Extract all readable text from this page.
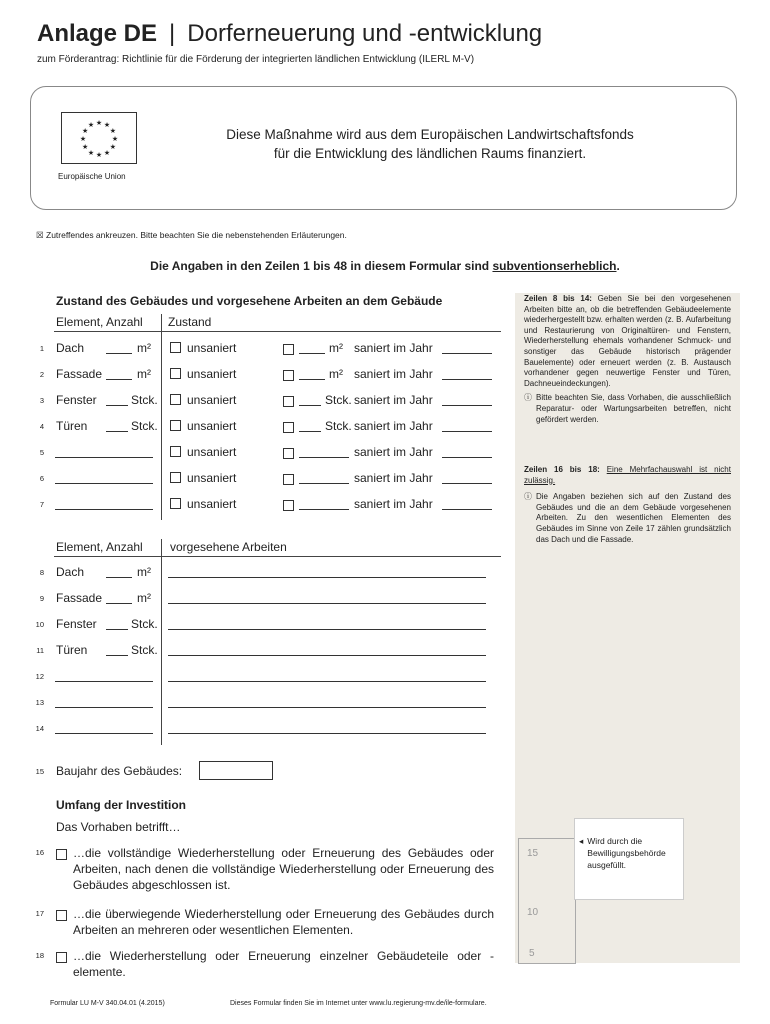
Anlage DE | Dorferneuerung und -entwicklung
zum Förderantrag: Richtlinie für die Förderung der integrierten ländlichen Entwicklung (ILERL M-V)
★
★
★
★
★
★
★
★
★ ★ ★
★
Europäische Union
Diese Maßnahme wird aus dem Europäischen Landwirtschaftsfonds
für die Entwicklung des ländlichen Raums finanziert.
☒ Zutreffendes ankreuzen. Bitte beachten Sie die nebenstehenden Erläuterungen.
Die Angaben in den Zeilen 1 bis 48 in diesem Formular sind subventionserheblich.
Zeilen 8 bis 14: Geben Sie bei den vorgesehenen Arbeiten bitte an, ob die betreffenden Gebäudeelemente wiederhergestellt bzw. erhalten werden (z. B. Aufarbeitung und Restaurierung von Originaltüren- und Fenstern, Wiederherstellung ehemals vorhandener Schmuck- und sonstiger das Gebäude historisch prägender Bauelemente) oder erneuert werden (z. B. Austausch vorhandener gegen neuwertige Fenster und Türen, Dachneueindeckungen).
ⓘ Bitte beachten Sie, dass Vorhaben, die ausschließlich Reparatur- oder Wartungsarbeiten betreffen, nicht gefördert werden.
Zeilen 16 bis 18: Eine Mehrfachauswahl ist nicht zulässig.
ⓘ Die Angaben beziehen sich auf den Zustand des Gebäudes und die an dem Gebäude vorgesehenen Arbeiten. Zu den wesentlichen Elementen des Gebäudes im Sinne von Zeile 17 zählen grundsätzlich das Dach und die Fassade.
Zustand des Gebäudes und vorgesehene Arbeiten an dem Gebäude
Element, Anzahl Zustand
1 Dach	m²	unsaniert	m² saniert im Jahr
2 Fassade	m²	unsaniert	m² saniert im Jahr
3 Fenster	Stck.	unsaniert	Stck. saniert im Jahr
4 Türen	Stck.	unsaniert	Stck. saniert im Jahr
5	unsaniert	saniert im Jahr
6	unsaniert	saniert im Jahr
7	unsaniert	saniert im Jahr
Element, Anzahl vorgesehene Arbeiten
8 Dach	m²
9 Fassade	m²
10 Fenster	Stck.
11 Türen	Stck.
12
13
14
15 Baujahr des Gebäudes:
Umfang der Investition
Das Vorhaben betrifft…
16 …die vollständige Wiederherstellung oder Erneuerung des Gebäudes oder Arbeiten, nach denen die vollständige Wiederherstellung oder Erneuerung des Gebäudes abgeschlossen ist.
17 …die überwiegende Wiederherstellung oder Erneuerung des Gebäudes durch Arbeiten an mehreren oder wesentlichen Elementen.
18 …die Wiederherstellung oder Erneuerung einzelner Gebäudeteile oder -elemente.
15
10
5
◂ Wird durch die Bewilligungsbehörde ausgefüllt.
Formular LU M-V 340.04.01 (4.2015)	Dieses Formular finden Sie im Internet unter www.lu.regierung-mv.de/ile-formulare.
